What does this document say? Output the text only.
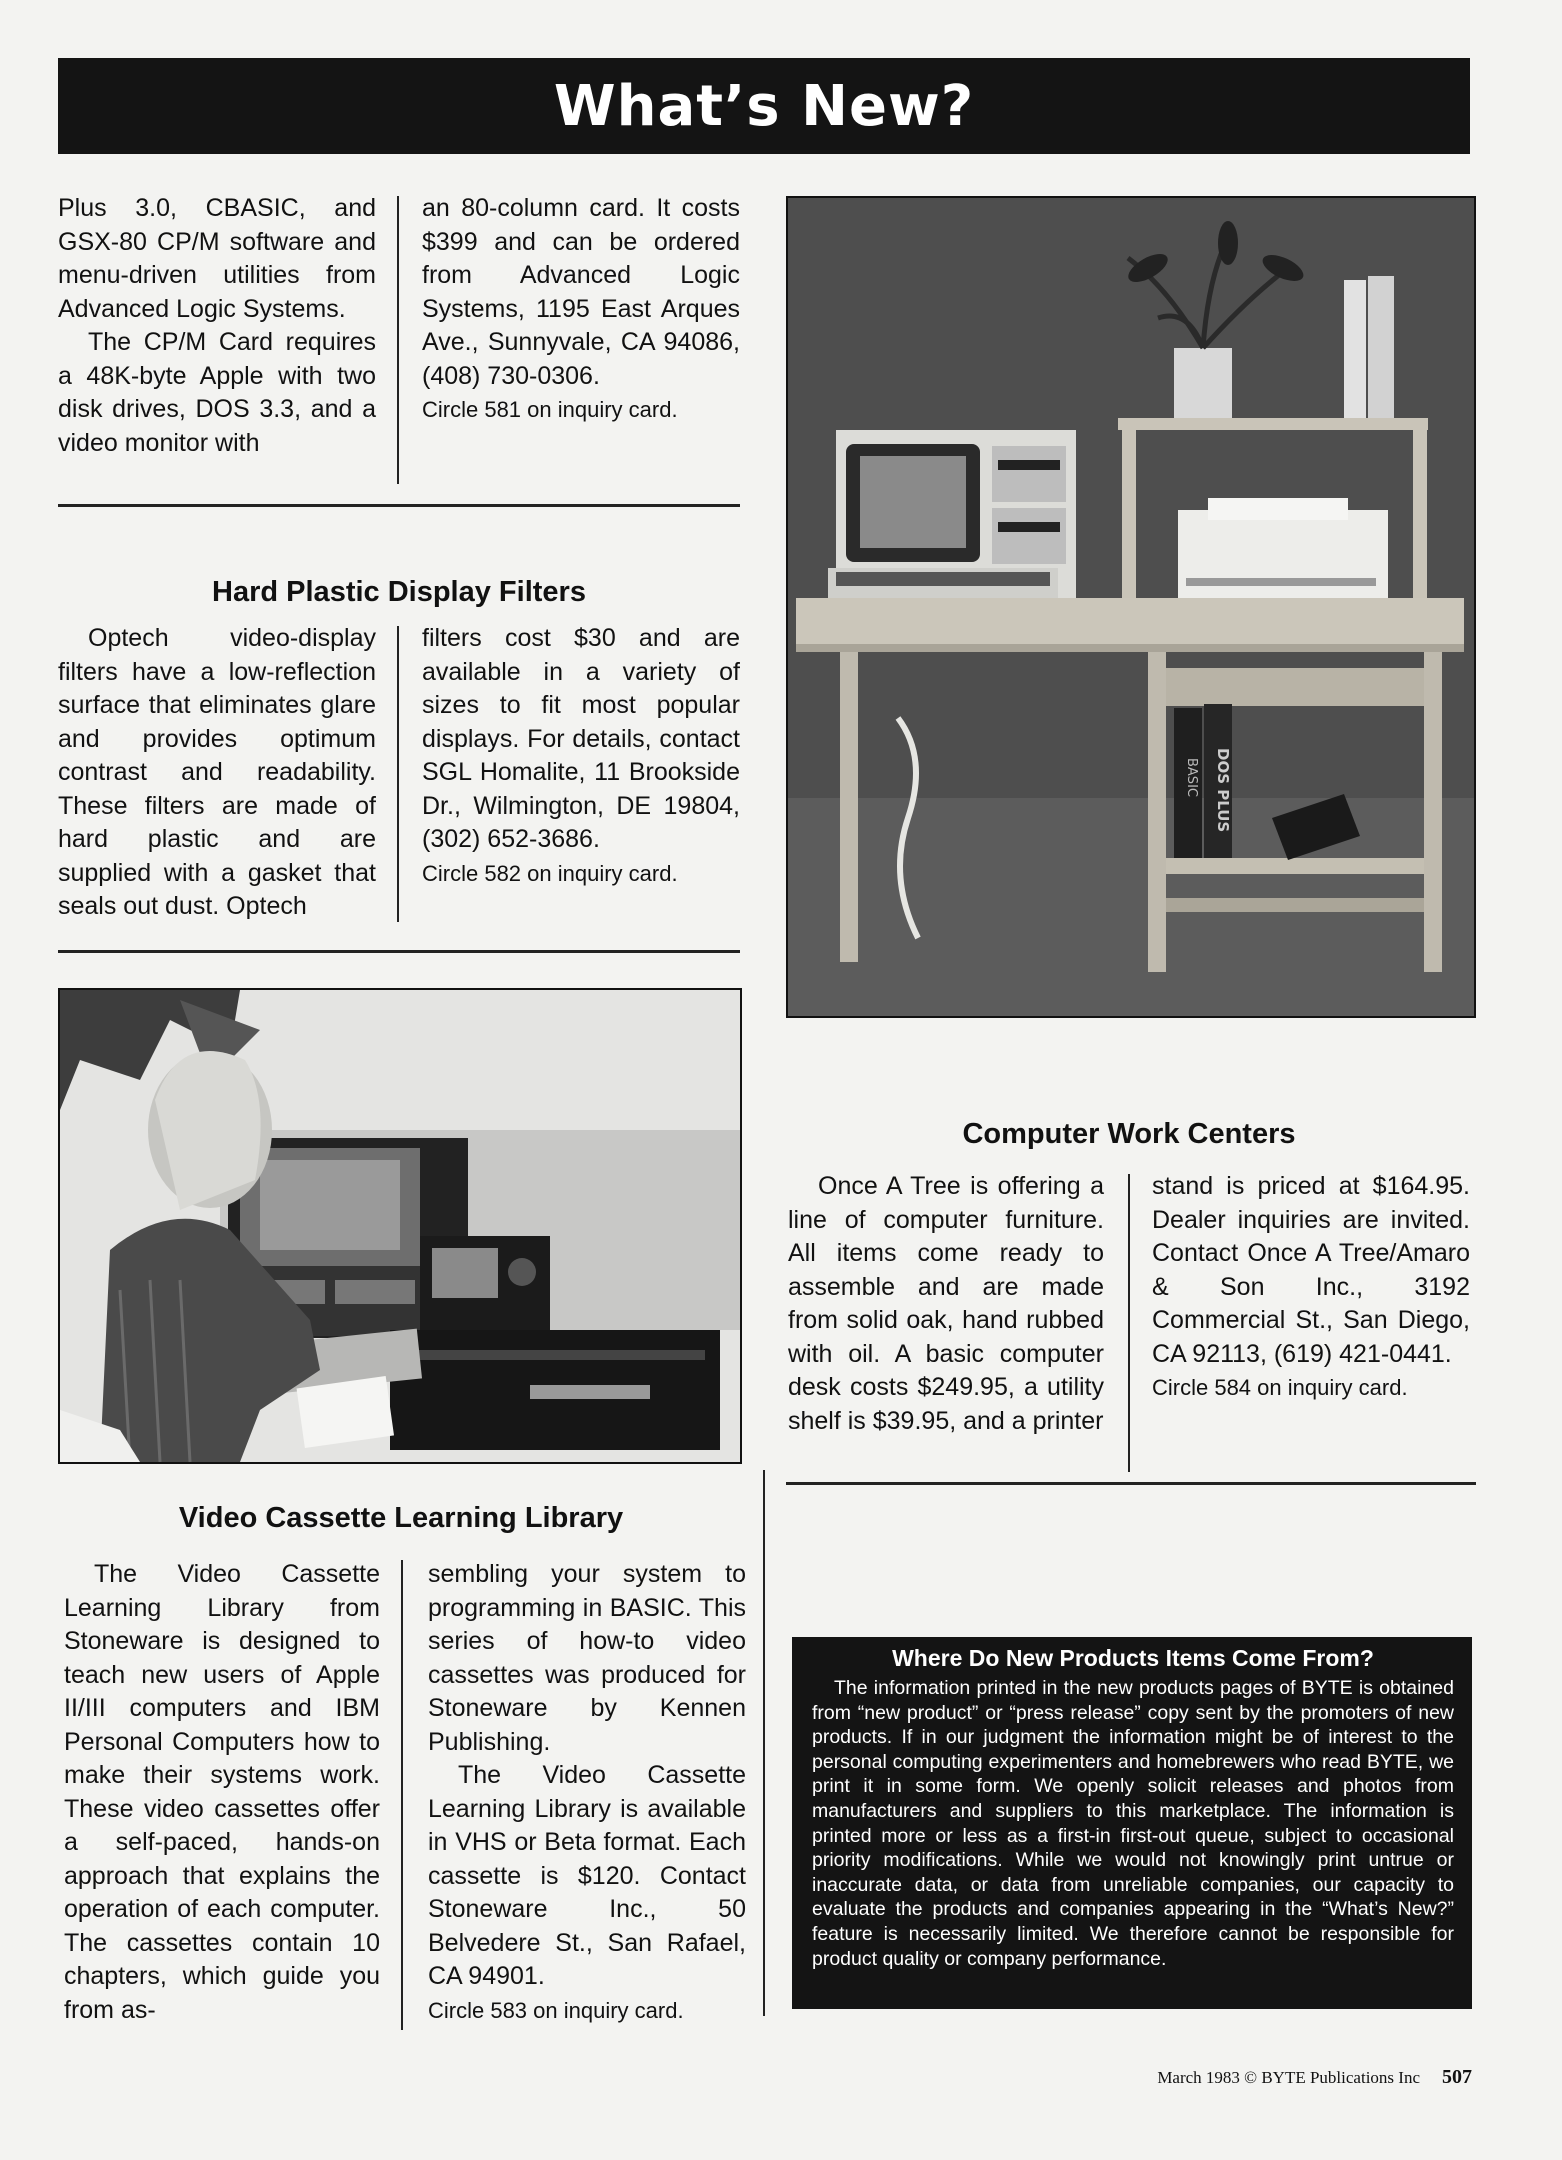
What’s New?

Plus 3.0, CBASIC, and GSX-80 CP/M software and menu-driven utilities from Advanced Logic Systems.

The CP/M Card requires a 48K-byte Apple with two disk drives, DOS 3.3, and a video monitor with

an 80-column card. It costs $399 and can be ordered from Advanced Logic Systems, 1195 East Arques Ave., Sunnyvale, CA 94086, (408) 730-0306.

Circle 581 on inquiry card.

Hard Plastic Display Filters

Optech video-display filters have a low-reflection surface that eliminates glare and provides optimum contrast and readability. These filters are made of hard plastic and are supplied with a gasket that seals out dust. Optech

filters cost $30 and are available in a variety of sizes to fit most popular displays. For details, contact SGL Homalite, 11 Brookside Dr., Wilmington, DE 19804, (302) 652-3686.

Circle 582 on inquiry card.

BASIC DOS PLUS
Computer Work Centers

Once A Tree is offering a line of computer furniture. All items come ready to assemble and are made from solid oak, hand rubbed with oil. A basic computer desk costs $249.95, a utility shelf is $39.95, and a printer

stand is priced at $164.95. Dealer inquiries are invited. Contact Once A Tree/Amaro & Son Inc., 3192 Commercial St., San Diego, CA 92113, (619) 421-0441.

Circle 584 on inquiry card.

Video Cassette Learning Library

The Video Cassette Learning Library from Stoneware is designed to teach new users of Apple II/III computers and IBM Personal Computers how to make their systems work. These video cassettes offer a self-paced, hands-on approach that explains the operation of each computer. The cassettes contain 10 chapters, which guide you from as-

sembling your system to programming in BASIC. This series of how-to video cassettes was produced for Stoneware by Kennen Publishing.

The Video Cassette Learning Library is available in VHS or Beta format. Each cassette is $120. Contact Stoneware Inc., 50 Belvedere St., San Rafael, CA 94901.

Circle 583 on inquiry card.

Where Do New Products Items Come From?

The information printed in the new products pages of BYTE is obtained from “new product” or “press release” copy sent by the promoters of new products. If in our judgment the information might be of interest to the personal computing experimenters and homebrewers who read BYTE, we print it in some form. We openly solicit releases and photos from manufacturers and suppliers to this marketplace. The information is printed more or less as a first-in first-out queue, subject to occasional priority modifications. While we would not knowingly print untrue or inaccurate data, or data from unreliable companies, our capacity to evaluate the products and companies appearing in the “What’s New?” feature is necessarily limited. We therefore cannot be responsible for product quality or company performance.

March 1983 © BYTE Publications Inc 507
